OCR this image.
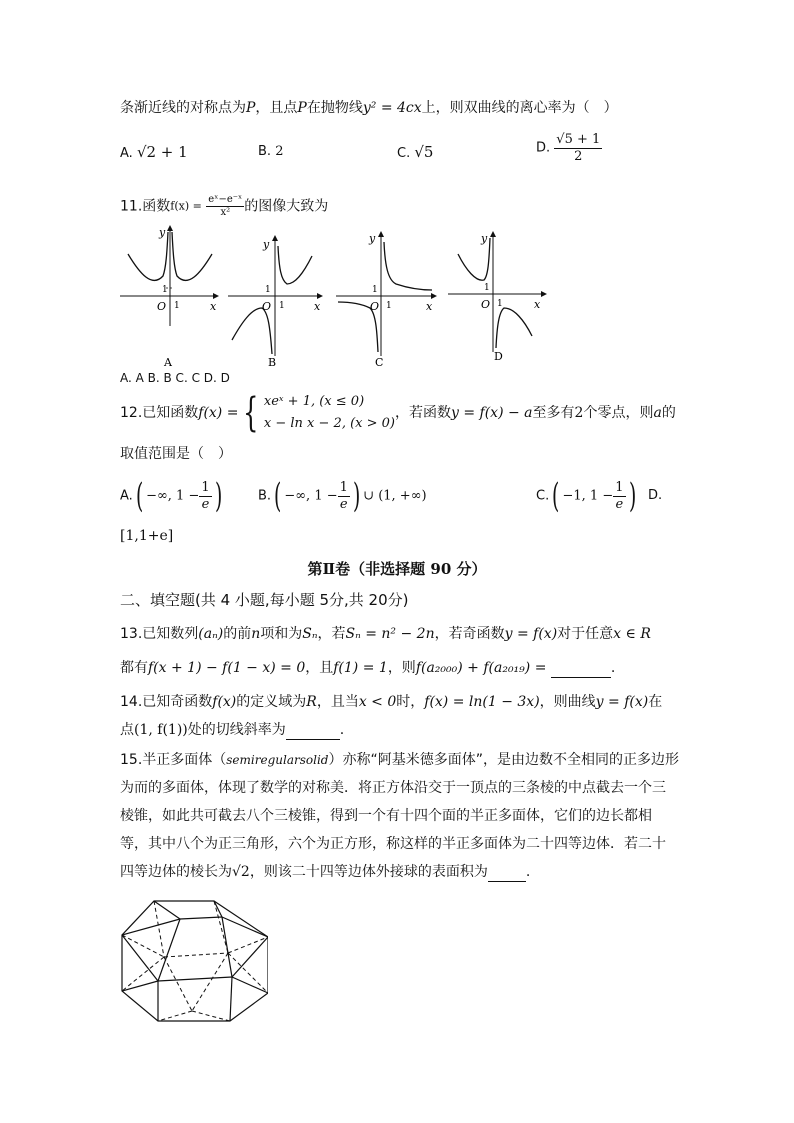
条渐近线的对称点为P，且点P在抛物线y² = 4cx上，则双曲线的离心率为（　）
A. √2 + 1	B. 2	C. √5	D. $\frac{√5 + 1}{2}$
11.函数$f(x) = \frac{\text{eˣ−e⁻ˣ}}{\text{x²}}$ 的图像大致为
y
x
O
1
1
A
y
x
O
1
1
B
y
x
O
1
1
C
y
x
O
1
1
D
A. A B. B C. C D. D
12.已知函数f(x) = { xeˣ + 1, (x ≤ 0)
x − ln x − 2, (x > 0)
，若函数y = f(x) − a至多有2个零点，则a的
取值范围是（　）
A.( −∞, $1 - \frac{1}{e}$ )	B.( −∞, $1 - \frac{1}{e}$ ) ∪ (1, +∞)	C.( −1, $1 - \frac{1}{e}$ ) D.
[1,1+e]
第Ⅱ卷（非选择题 90 分）
二、填空题(共 4 小题,每小题 5分,共 20分)
13.已知数列(aₙ)的前n项和为Sₙ，若Sₙ = n² − 2n，若奇函数y = f(x)对于任意x ∈ R
都有f(x + 1) − f(1 − x) = 0，且f(1) = 1，则f(a₂₀₀₀) + f(a₂₀₁₉) =	.
14.已知奇函数f(x)的定义域为R，且当x < 0时，f(x) = ln(1 − 3x)，则曲线y = f(x)在
点(1, f(1))处的切线斜率为	.
15.半正多面体（semiregularsolid）亦称“阿基米德多面体”，是由边数不全相同的正多边形
为而的多面体，体现了数学的对称美．将正方体沿交于一顶点的三条棱的中点截去一个三
棱锥，如此共可截去八个三棱锥，得到一个有十四个面的半正多面体，它们的边长都相
等，其中八个为正三角形，六个为正方形，称这样的半正多面体为二十四等边体．若二十
四等边体的棱长为√2，则该二十四等边体外接球的表面积为	.
